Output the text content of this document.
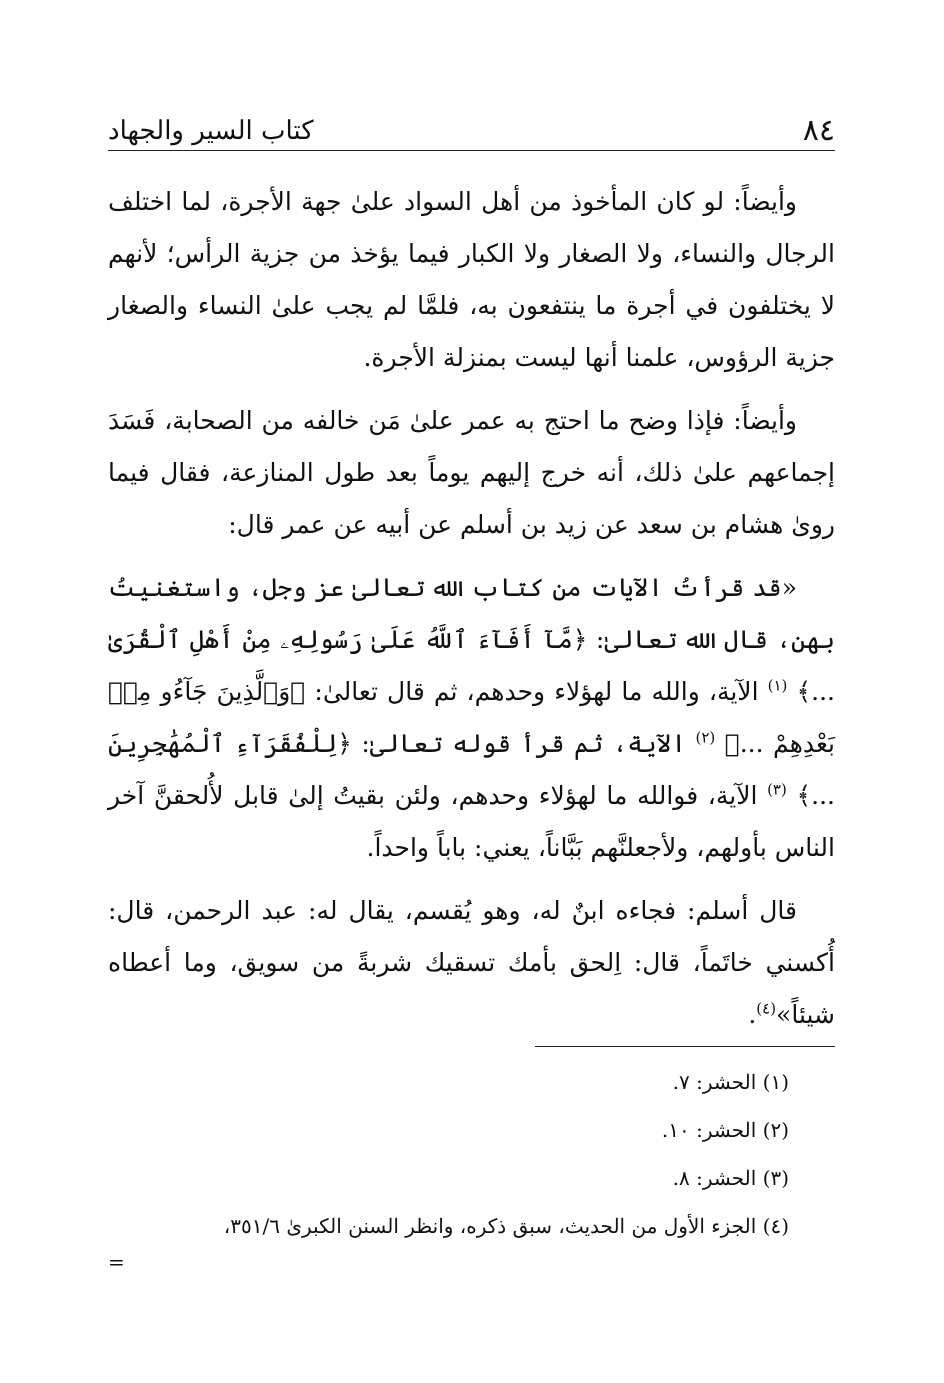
٨٤
كتاب السير والجهاد

وأيضاً: لو كان المأخوذ من أهل السواد علىٰ جهة الأجرة، لما اختلف الرجال والنساء، ولا الصغار ولا الكبار فيما يؤخذ من جزية الرأس؛ لأنهم لا يختلفون في أجرة ما ينتفعون به، فلمَّا لم يجب علىٰ النساء والصغار جزية الرؤوس، علمنا أنها ليست بمنزلة الأجرة.

وأيضاً: فإذا وضح ما احتج به عمر علىٰ مَن خالفه من الصحابة، فَسَدَ إجماعهم علىٰ ذلك، أنه خرج إليهم يوماً بعد طول المنازعة، فقال فيما روىٰ هشام بن سعد عن زيد بن أسلم عن أبيه عن عمر قال:

«قد قرأتُ الآيات من كتاب الله تعالىٰ عز وجل، واستغنيتُ بهن، قال الله تعالىٰ: ﴿مَّآ أَفَآءَ ٱللَّهُ عَلَىٰ رَسُولِهِۦ مِنْ أَهْلِ ٱلْقُرَىٰ ...﴾ $^{(١)}$ الآية، والله ما لهؤلاء وحدهم، ثم قال تعالىٰ: ﴿وَٱلَّذِينَ جَآءُو مِنۢ بَعْدِهِمْ ...﴾ $^{(٢)}$ الآية، ثم قرأ قوله تعالىٰ: ﴿لِلْفُقَرَآءِ ٱلْمُهَٰجِرِينَ ...﴾ $^{(٣)}$ الآية، فوالله ما لهؤلاء وحدهم، ولئن بقيتُ إلىٰ قابل لأُلحقنَّ آخر الناس بأولهم، ولأجعلنَّهم بَبَّاناً، يعني: باباً واحداً.

قال أسلم: فجاءه ابنٌ له، وهو يُقسم، يقال له: عبد الرحمن، قال: أُكسني خاتَماً، قال: اِلحق بأمك تسقيك شربةً من سويق، وما أعطاه شيئاً»$^{(٤)}$.

(١) الحشر: ٧.

(٢) الحشر: ١٠.

(٣) الحشر: ٨.

(٤) الجزء الأول من الحديث، سبق ذكره، وانظر السنن الكبرىٰ ٣٥١/٦،

=
